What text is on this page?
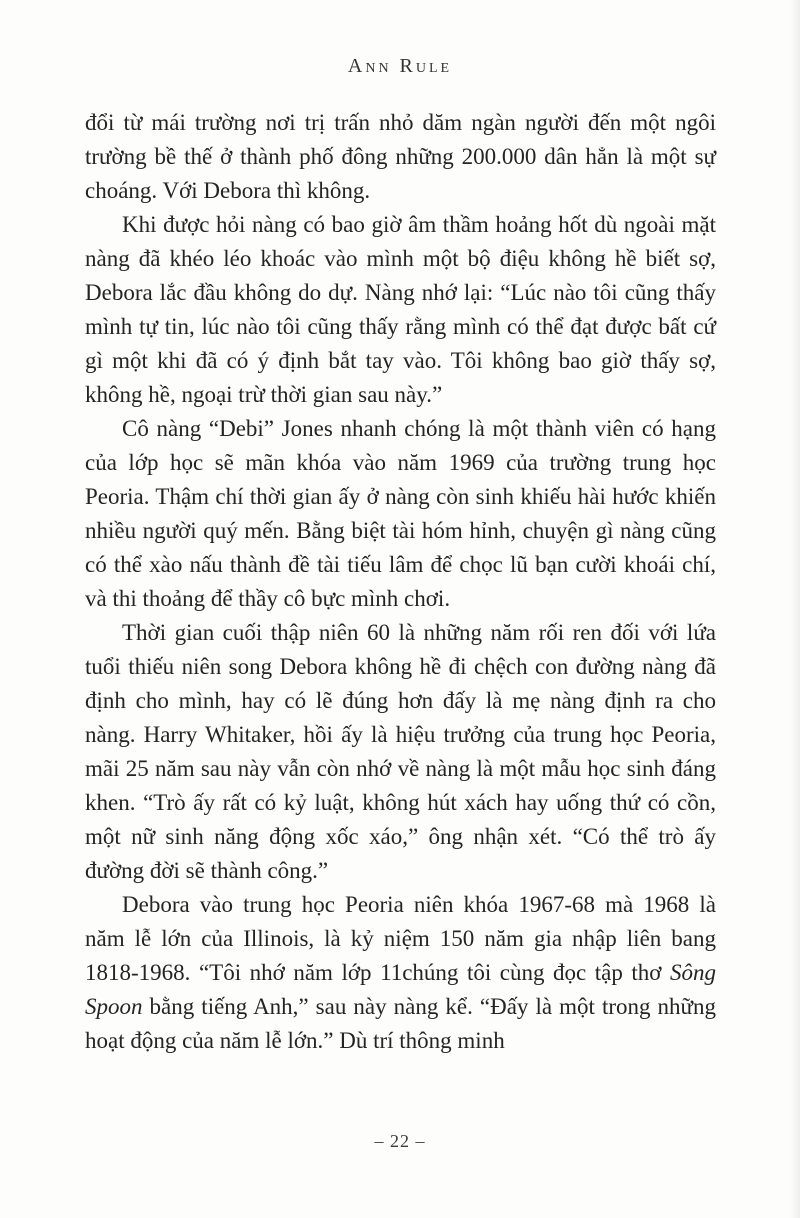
Ann Rule

đổi từ mái trường nơi trị trấn nhỏ dăm ngàn người đến một ngôi trường bề thế ở thành phố đông những 200.000 dân hẳn là một sự choáng. Với Debora thì không.

Khi được hỏi nàng có bao giờ âm thầm hoảng hốt dù ngoài mặt nàng đã khéo léo khoác vào mình một bộ điệu không hề biết sợ, Debora lắc đầu không do dự. Nàng nhớ lại: “Lúc nào tôi cũng thấy mình tự tin, lúc nào tôi cũng thấy rằng mình có thể đạt được bất cứ gì một khi đã có ý định bắt tay vào. Tôi không bao giờ thấy sợ, không hề, ngoại trừ thời gian sau này.”

Cô nàng “Debi” Jones nhanh chóng là một thành viên có hạng của lớp học sẽ mãn khóa vào năm 1969 của trường trung học Peoria. Thậm chí thời gian ấy ở nàng còn sinh khiếu hài hước khiến nhiều người quý mến. Bằng biệt tài hóm hỉnh, chuyện gì nàng cũng có thể xào nấu thành đề tài tiếu lâm để chọc lũ bạn cười khoái chí, và thi thoảng để thầy cô bực mình chơi.

Thời gian cuối thập niên 60 là những năm rối ren đối với lứa tuổi thiếu niên song Debora không hề đi chệch con đường nàng đã định cho mình, hay có lẽ đúng hơn đấy là mẹ nàng định ra cho nàng. Harry Whitaker, hồi ấy là hiệu trưởng của trung học Peoria, mãi 25 năm sau này vẫn còn nhớ về nàng là một mẫu học sinh đáng khen. “Trò ấy rất có kỷ luật, không hút xách hay uống thứ có cồn, một nữ sinh năng động xốc xáo,” ông nhận xét. “Có thể trò ấy đường đời sẽ thành công.”

Debora vào trung học Peoria niên khóa 1967-68 mà 1968 là năm lễ lớn của Illinois, là kỷ niệm 150 năm gia nhập liên bang 1818-1968. “Tôi nhớ năm lớp 11chúng tôi cùng đọc tập thơ Sông Spoon bằng tiếng Anh,” sau này nàng kể. “Đấy là một trong những hoạt động của năm lễ lớn.” Dù trí thông minh

– 22 –
